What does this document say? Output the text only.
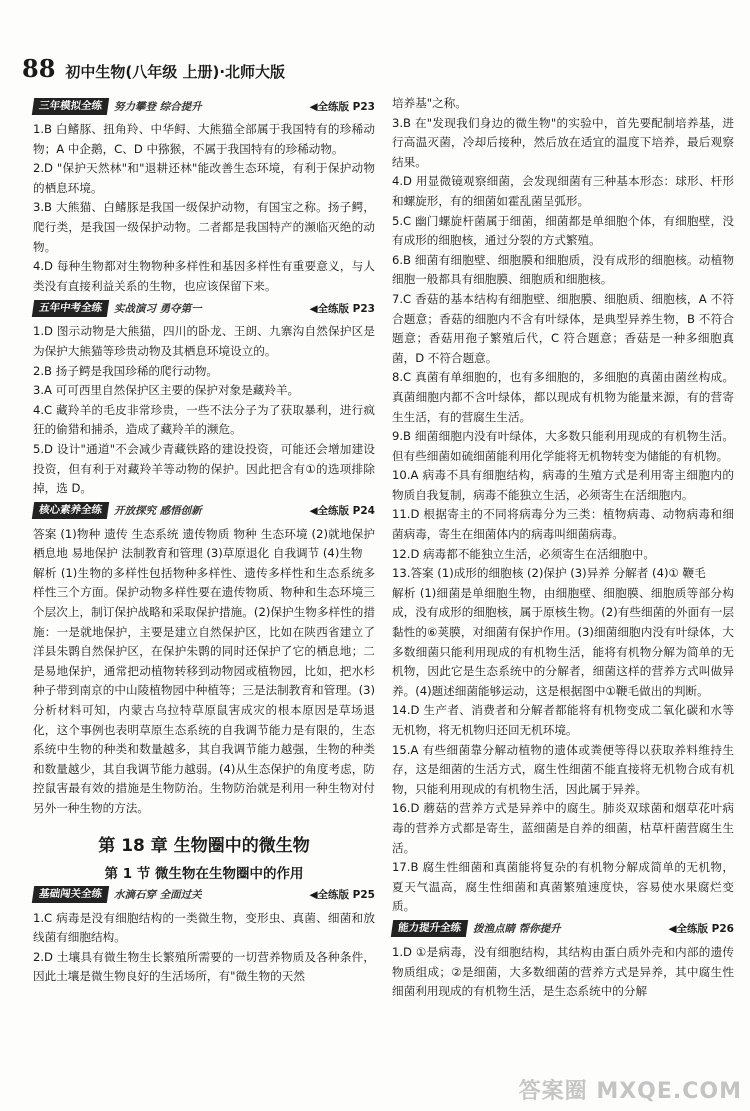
88 初中生物(八年级 上册)·北师大版
三年模拟全练	努力攀登 综合提升	◀全练版 P23

1.B 白鳍豚、扭角羚、中华鲟、大熊猫全部属于我国特有的珍稀动物；A 中企鹅，C、D 中猕猴，不属于我国特有的珍稀动物。

2.D "保护天然林"和"退耕还林"能改善生态环境，有利于保护动物的栖息环境。

3.B 大熊猫、白鳍豚是我国一级保护动物，有国宝之称。扬子鳄，爬行类，是我国一级保护动物。二者都是我国特产的濒临灭绝的动物。

4.D 每种生物都对生物物种多样性和基因多样性有重要意义，与人类没有直接利益关系的生物，也应该保留下来。

五年中考全练	实战演习 勇夺第一	◀全练版 P23

1.D 图示动物是大熊猫，四川的卧龙、王朗、九寨沟自然保护区是为保护大熊猫等珍贵动物及其栖息环境设立的。

2.B 扬子鳄是我国珍稀的爬行动物。

3.A 可可西里自然保护区主要的保护对象是藏羚羊。

4.C 藏羚羊的毛皮非常珍贵，一些不法分子为了获取暴利，进行疯狂的偷猎和捕杀，造成了藏羚羊的濒危。

5.D 设计"通道"不会减少青藏铁路的建设投资，可能还会增加建设投资，但有利于对藏羚羊等动物的保护。因此把含有①的选项排除掉，选 D。

核心素养全练	开放探究 感悟创新	◀全练版 P24

答案 (1)物种 遗传 生态系统 遗传物质 物种 生态环境 (2)就地保护 栖息地 易地保护 法制教育和管理 (3)草原退化 自我调节 (4)生物

解析 (1)生物的多样性包括物种多样性、遗传多样性和生态系统多样性三个方面。保护动物多样性要在遗传物质、物种和生态环境三个层次上，制订保护战略和采取保护措施。(2)保护生物多样性的措施：一是就地保护，主要是建立自然保护区，比如在陕西省建立了洋县朱鹮自然保护区，在保护朱鹮的同时还保护了它的栖息地；二是易地保护，通常把动植物转移到动物园或植物园，比如，把水杉种子带到南京的中山陵植物园中种植等；三是法制教育和管理。(3)分析材料可知，内蒙古乌拉特草原鼠害成灾的根本原因是草场退化，这个事例也表明草原生态系统的自我调节能力是有限的，生态系统中生物的种类和数量越多，其自我调节能力越强，生物的种类和数量越少，其自我调节能力越弱。(4)从生态保护的角度考虑，防控鼠害最有效的措施是生物防治。生物防治就是利用一种生物对付另外一种生物的方法。

第 18 章 生物圈中的微生物
第 1 节 微生物在生物圈中的作用
基础闯关全练	水滴石穿 全面过关	◀全练版 P25

1.C 病毒是没有细胞结构的一类微生物，变形虫、真菌、细菌和放线菌有细胞结构。

2.D 土壤具有微生物生长繁殖所需要的一切营养物质及各种条件，因此土壤是微生物良好的生活场所，有"微生物的天然

培养基"之称。

3.B 在"发现我们身边的微生物"的实验中，首先要配制培养基，进行高温灭菌，冷却后接种，然后放在适宜的温度下培养，最后观察结果。

4.D 用显微镜观察细菌，会发现细菌有三种基本形态：球形、杆形和螺旋形，有的细菌如霍乱菌呈弧形。

5.C 幽门螺旋杆菌属于细菌，细菌都是单细胞个体，有细胞壁，没有成形的细胞核，通过分裂的方式繁殖。

6.B 细菌有细胞壁、细胞膜和细胞质，没有成形的细胞核。动植物细胞一般都具有细胞膜、细胞质和细胞核。

7.C 香菇的基本结构有细胞壁、细胞膜、细胞质、细胞核，A 不符合题意；香菇的细胞内不含有叶绿体，是典型异养生物，B 不符合题意；香菇用孢子繁殖后代，C 符合题意；香菇是一种多细胞真菌，D 不符合题意。

8.C 真菌有单细胞的，也有多细胞的，多细胞的真菌由菌丝构成。真菌细胞内都不含叶绿体，都以现成有机物为能量来源，有的营寄生生活，有的营腐生生活。

9.B 细菌细胞内没有叶绿体，大多数只能利用现成的有机物生活。但有些细菌如硫细菌能利用化学能将无机物转变为储能的有机物。

10.A 病毒不具有细胞结构，病毒的生殖方式是利用寄主细胞内的物质自我复制，病毒不能独立生活，必须寄生在活细胞内。

11.D 根据寄主的不同将病毒分为三类：植物病毒、动物病毒和细菌病毒，寄生在细菌体内的病毒叫细菌病毒。

12.D 病毒都不能独立生活，必须寄生在活细胞中。

13.答案 (1)成形的细胞核 (2)保护 (3)异养 分解者 (4)① 鞭毛

解析 (1)细菌是单细胞生物，由细胞壁、细胞膜、细胞质等部分构成，没有成形的细胞核，属于原核生物。(2)有些细菌的外面有一层黏性的⑥荚膜，对细菌有保护作用。(3)细菌细胞内没有叶绿体，大多数细菌只能利用现成的有机物生活，能将有机物分解为简单的无机物，因此它是生态系统中的分解者，细菌这样的营养方式叫做异养。(4)题述细菌能够运动，这是根据图中①鞭毛做出的判断。

14.D 生产者、消费者和分解者都能将有机物变成二氧化碳和水等无机物，将无机物归还回无机环境。

15.A 有些细菌靠分解动植物的遗体或粪便等得以获取养料维持生存，这是细菌的生活方式，腐生性细菌不能直接将无机物合成有机物，只能利用现成的有机物生活，因此属于异养。

16.D 蘑菇的营养方式是异养中的腐生。肺炎双球菌和烟草花叶病毒的营养方式都是寄生，蓝细菌是自养的细菌，枯草杆菌营腐生生活。

17.B 腐生性细菌和真菌能将复杂的有机物分解成简单的无机物，夏天气温高，腐生性细菌和真菌繁殖速度快，容易使水果腐烂变质。

能力提升全练	拨渔点睛 帮你提升	◀全练版 P26

1.D ①是病毒，没有细胞结构，其结构由蛋白质外壳和内部的遗传物质组成；②是细菌，大多数细菌的营养方式是异养，其中腐生性细菌利用现成的有机物生活，是生态系统中的分解

答案圈 MXQE.COM
